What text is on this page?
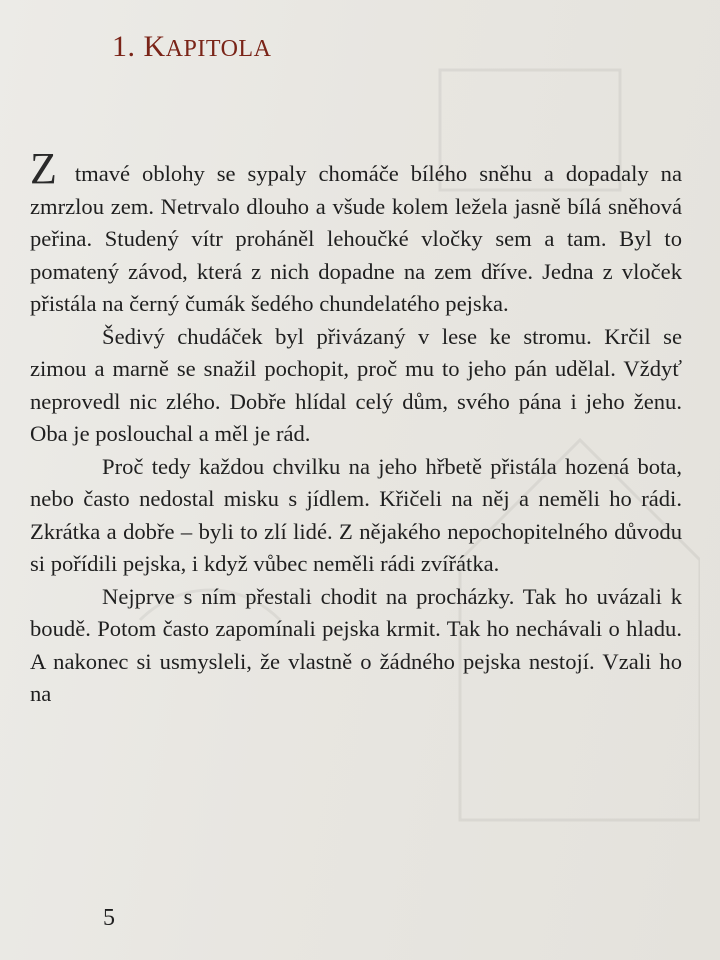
1. KAPITOLA

Z tmavé oblohy se sypaly chomáče bílého sněhu a dopadaly na zmrzlou zem. Netrvalo dlouho a všude kolem ležela jasně bílá sněhová peřina. Studený vítr proháněl lehoučké vločky sem a tam. Byl to pomatený závod, která z nich dopadne na zem dříve. Jedna z vloček přistála na černý čumák šedého chundelatého pejska.

Šedivý chudáček byl přivázaný v lese ke stromu. Krčil se zimou a marně se snažil pochopit, proč mu to jeho pán udělal. Vždyť neprovedl nic zlého. Dobře hlídal celý dům, svého pána i jeho ženu. Oba je poslouchal a měl je rád.

Proč tedy každou chvilku na jeho hřbetě přistála hozená bota, nebo často nedostal misku s jídlem. Křičeli na něj a neměli ho rádi. Zkrátka a dobře – byli to zlí lidé. Z nějakého nepochopitelného důvodu si pořídili pejska, i když vůbec neměli rádi zvířátka.

Nejprve s ním přestali chodit na procházky. Tak ho uvázali k boudě. Potom často zapomínali pejska krmit. Tak ho nechávali o hladu. A nakonec si usmysleli, že vlastně o žádného pejska nestojí. Vzali ho na

5
